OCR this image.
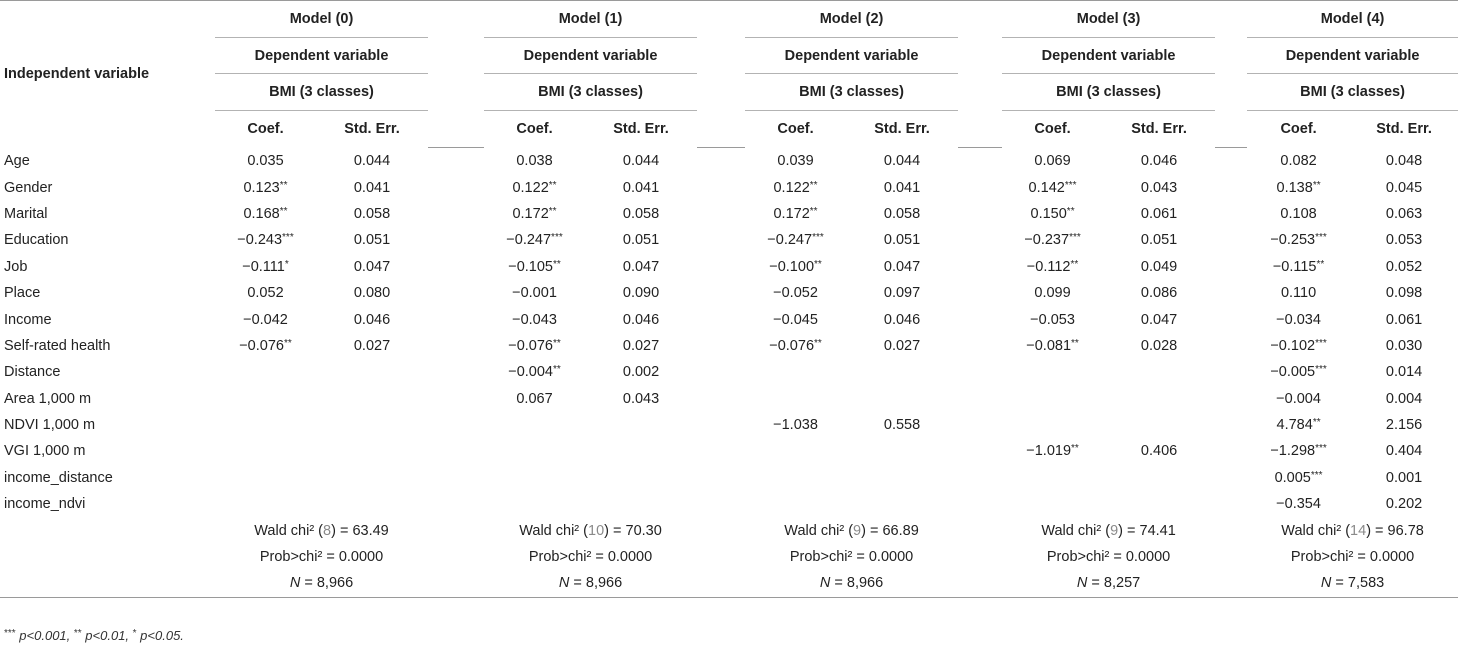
Independent variable	Model (0)			Model (1)			Model (2)			Model (3)			Model (4)	
	Dependent variable			Dependent variable			Dependent variable			Dependent variable			Dependent variable	
	BMI (3 classes)			BMI (3 classes)			BMI (3 classes)			BMI (3 classes)			BMI (3 classes)	
	Coef.	Std. Err.		Coef.	Std. Err.		Coef.	Std. Err.		Coef.	Std. Err.		Coef.	Std. Err.
Age	0.035	0.044		0.038	0.044		0.039	0.044		0.069	0.046		0.082	0.048
Gender	0.123**	0.041		0.122**	0.041		0.122**	0.041		0.142***	0.043		0.138**	0.045
Marital	0.168**	0.058		0.172**	0.058		0.172**	0.058		0.150**	0.061		0.108	0.063
Education	−0.243***	0.051		−0.247***	0.051		−0.247***	0.051		−0.237***	0.051		−0.253***	0.053
Job	−0.111*	0.047		−0.105**	0.047		−0.100**	0.047		−0.112**	0.049		−0.115**	0.052
Place	0.052	0.080		−0.001	0.090		−0.052	0.097		0.099	0.086		0.110	0.098
Income	−0.042	0.046		−0.043	0.046		−0.045	0.046		−0.053	0.047		−0.034	0.061
Self-rated health	−0.076**	0.027		−0.076**	0.027		−0.076**	0.027		−0.081**	0.028		−0.102***	0.030
Distance				−0.004**	0.002								−0.005***	0.014
Area 1,000 m				0.067	0.043								−0.004	0.004
NDVI 1,000 m							−1.038	0.558					4.784**	2.156
VGI 1,000 m										−1.019**	0.406		−1.298***	0.404
income_distance													0.005***	0.001
income_ndvi													−0.354	0.202
	Wald chi² (8) = 63.49			Wald chi² (10) = 70.30			Wald chi² (9) = 66.89			Wald chi² (9) = 74.41			Wald chi² (14) = 96.78	
	Prob>chi² = 0.0000			Prob>chi² = 0.0000			Prob>chi² = 0.0000			Prob>chi² = 0.0000			Prob>chi² = 0.0000	
	N = 8,966			N = 8,966			N = 8,966			N = 8,257			N = 7,583	
*** p<0.001, ** p<0.01, * p<0.05.
